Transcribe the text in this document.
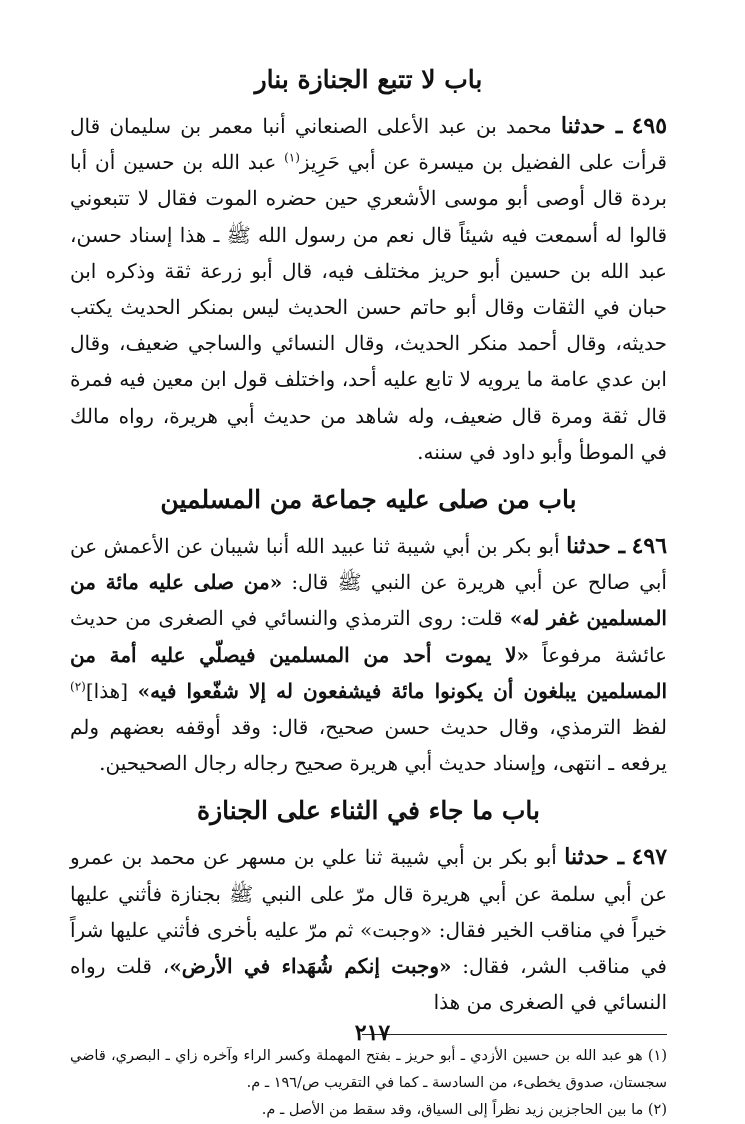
باب لا تتبع الجنازة بنار

٤٩٥ ـ حدثنا محمد بن عبد الأعلى الصنعاني أنبا معمر بن سليمان قال قرأت على الفضيل بن ميسرة عن أبي حَرِيز$^{(١)}$ عبد الله بن حسين أن أبا بردة قال أوصى أبو موسى الأشعري حين حضره الموت فقال لا تتبعوني قالوا له أسمعت فيه شيئاً قال نعم من رسول الله ﷺ ـ هذا إسناد حسن، عبد الله بن حسين أبو حريز مختلف فيه، قال أبو زرعة ثقة وذكره ابن حبان في الثقات وقال أبو حاتم حسن الحديث ليس بمنكر الحديث يكتب حديثه، وقال أحمد منكر الحديث، وقال النسائي والساجي ضعيف، وقال ابن عدي عامة ما يرويه لا تابع عليه أحد، واختلف قول ابن معين فيه فمرة قال ثقة ومرة قال ضعيف، وله شاهد من حديث أبي هريرة، رواه مالك في الموطأ وأبو داود في سننه.

باب من صلى عليه جماعة من المسلمين

٤٩٦ ـ حدثنا أبو بكر بن أبي شيبة ثنا عبيد الله أنبا شيبان عن الأعمش عن أبي صالح عن أبي هريرة عن النبي ﷺ قال: «من صلى عليه مائة من المسلمين غفر له» قلت: روى الترمذي والنسائي في الصغرى من حديث عائشة مرفوعاً «لا يموت أحد من المسلمين فيصلّي عليه أمة من المسلمين يبلغون أن يكونوا مائة فيشفعون له إلا شفّعوا فيه» [هذا]$^{(٢)}$ لفظ الترمذي، وقال حديث حسن صحيح، قال: وقد أوقفه بعضهم ولم يرفعه ـ انتهى، وإسناد حديث أبي هريرة صحيح رجاله رجال الصحيحين.

باب ما جاء في الثناء على الجنازة

٤٩٧ ـ حدثنا أبو بكر بن أبي شيبة ثنا علي بن مسهر عن محمد بن عمرو عن أبي سلمة عن أبي هريرة قال مرّ على النبي ﷺ بجنازة فأثني عليها خيراً في مناقب الخير فقال: «وجبت» ثم مرّ عليه بأخرى فأثني عليها شراً في مناقب الشر، فقال: «وجبت إنكم شُهَداء في الأرض»، قلت رواه النسائي في الصغرى من هذا

(١) هو عبد الله بن حسين الأزدي ـ أبو حريز ـ بفتح المهملة وكسر الراء وآخره زاي ـ البصري، قاضي سجستان، صدوق يخطىء، من السادسة ـ كما في التقريب ص/١٩٦ ـ م.

(٢) ما بين الحاجزين زيد نظراً إلى السياق، وقد سقط من الأصل ـ م.

٢١٧
